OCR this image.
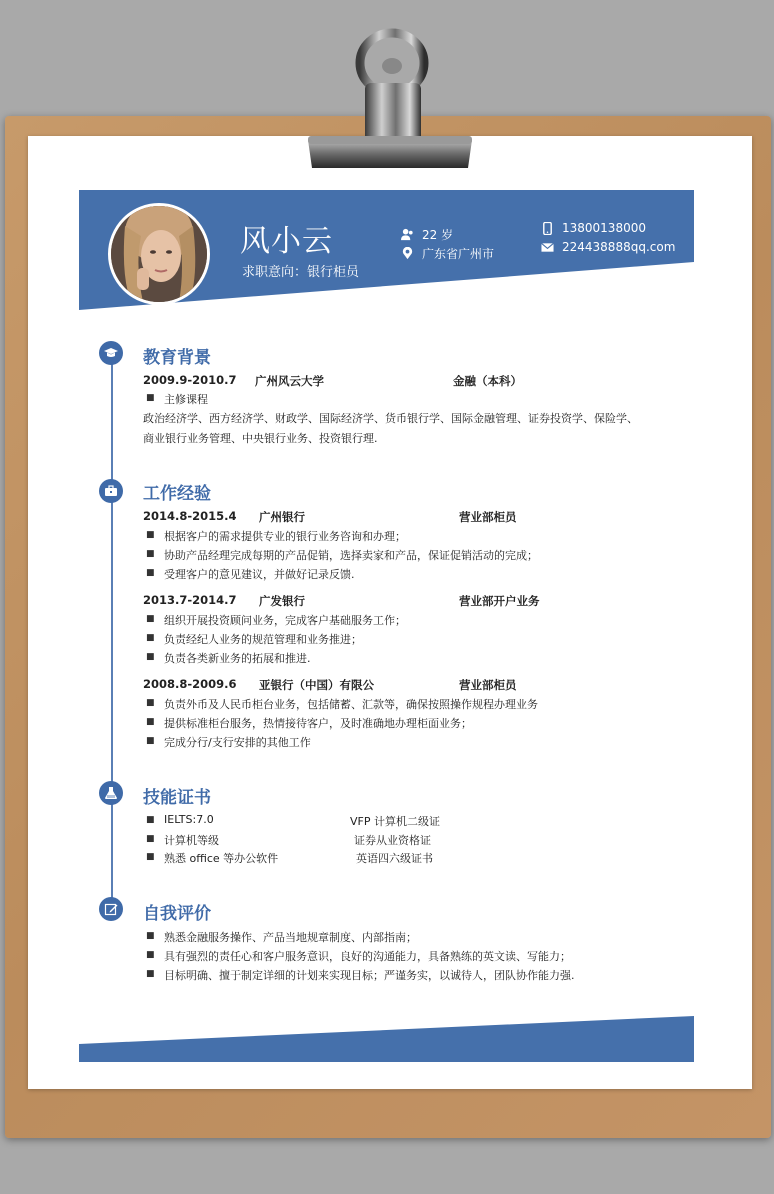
风小云
求职意向：银行柜员
22 岁
广东省广州市
13800138000
224438888qq.com
教育背景
2009.9-2010.7 广州风云大学	金融（本科）
■ 主修课程
政治经济学、西方经济学、财政学、国际经济学、货币银行学、国际金融管理、证券投资学、保险学、
商业银行业务管理、中央银行业务、投资银行理.
工作经验
2014.8-2015.4 广州银行	营业部柜员
■ 根据客户的需求提供专业的银行业务咨询和办理；
■ 协助产品经理完成每期的产品促销，选择卖家和产品，保证促销活动的完成；
■ 受理客户的意见建议，并做好记录反馈.
2013.7-2014.7 广发银行	营业部开户业务
■ 组织开展投资顾问业务，完成客户基础服务工作；
■ 负责经纪人业务的规范管理和业务推进；
■ 负责各类新业务的拓展和推进.
2008.8-2009.6 亚银行（中国）有限公	营业部柜员
■ 负责外币及人民币柜台业务，包括储蓄、汇款等，确保按照操作规程办理业务
■ 提供标准柜台服务，热情接待客户，及时准确地办理柜面业务；
■ 完成分行/支行安排的其他工作
技能证书
■ IELTS:7.0	VFP 计算机二级证
■ 计算机等级	证券从业资格证
■ 熟悉 office 等办公软件	英语四六级证书
自我评价
■ 熟悉金融服务操作、产品当地规章制度、内部指南；
■ 具有强烈的责任心和客户服务意识，良好的沟通能力，具备熟练的英文读、写能力；
■ 目标明确、擅于制定详细的计划来实现目标；严谨务实，以诚待人，团队协作能力强.
